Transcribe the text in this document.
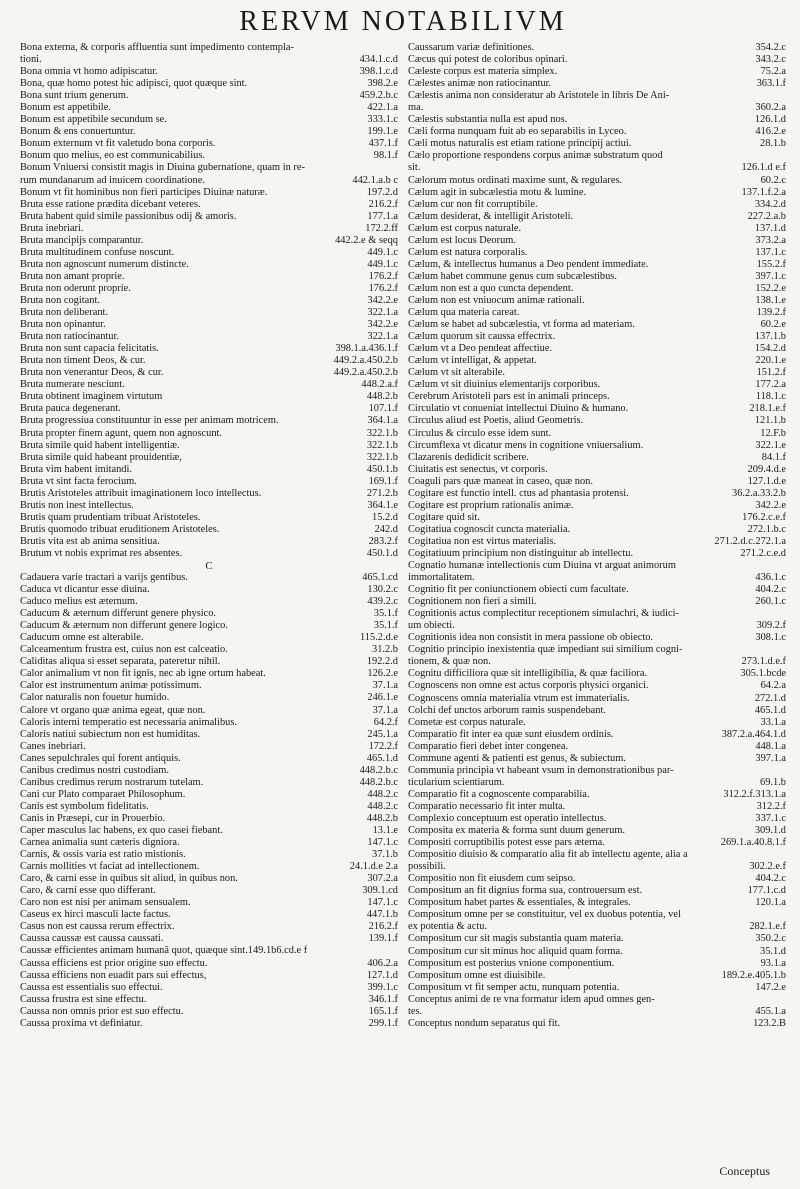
RERVM NOTABILIVM
Bona externa, & corporis affluentia sunt impedimento contempla-
tioni.	434.1.c.d
Bona omnia vt homo adipiscatur.	398.1.c.d
Bona, quæ homo potest hic adipisci, quot quæque sint.	398.2.e
Bona sunt trium generum.	459.2.b.c
Bonum est appetibile.	422.1.a
Bonum est appetibile secundum se.	333.1.c
Bonum & ens conuertuntur.	199.1.e
Bonum externum vt fit valetudo bona corporis.	437.1.f
Bonum quo melius, eo est communicabilius.	98.1.f
Bonum Vniuersi consistit magis in Diuina gubernatione, quam in re-
rum mundanarum ad inuicem coordinatione.	442.1.a.b c
Bonum vt fit hominibus non fieri participes Diuinæ naturæ.	197.2.d
Bruta esse ratione prædita dicebant veteres.	216.2.f
Bruta habent quid simile passionibus odij & amoris.	177.1.a
Bruta inebriari.	172.2.ff
Bruta mancipijs comparantur.	442.2.e & seqq
Bruta multitudinem confuse noscunt.	449.1.c
Bruta non agnoscunt numerum distincte.	449.1.c
Bruta non amant proprie.	176.2.f
Bruta non oderunt proprie.	176.2.f
Bruta non cogitant.	342.2.e
Bruta non deliberant.	322.1.a
Bruta non opinantur.	342.2.e
Bruta non ratiocinantur.	322.1.a
Bruta non sunt capacia felicitatis.	398.1.a.436.1.f
Bruta non timent Deos, & cur.	449.2.a.450.2.b
Bruta non venerantur Deos, & cur.	449.2.a.450.2.b
Bruta numerare nesciunt.	448.2.a.f
Bruta obtinent imaginem virtutum	448.2.b
Bruta pauca degenerant.	107.1.f
Bruta progressiua constituuntur in esse per animam motricem.	364.1.a
Bruta propter finem agunt, quem non agnoscunt.	322.1.b
Bruta simile quid habent intelligentiæ.	322.1.b
Bruta simile quid habeant prouidentiæ,	322.1.b
Bruta vim habent imitandi.	450.1.b
Bruta vt sint facta ferocium.	169.1.f
Brutis Aristoteles attribuit imaginationem loco intellectus.	271.2.b
Brutis non inest intellectus.	364.1.e
Brutis quam prudentiam tribuat Aristoteles.	15.2.d
Brutis quomodo tribuat eruditionem Aristoteles.	242.d
Brutis vita est ab anima sensitiua.	283.2.f
Brutum vt nobis exprimat res absentes.	450.1.d
C
Cadauera varie tractari a varijs gentibus.	465.1.cd
Caduca vt dicantur esse diuina.	130.2.c
Caduco melius est æternum.	439.2.c
Caducum & æternum differunt genere physico.	35.1.f
Caducum & æternum non differunt genere logico.	35.1.f
Caducum omne est alterabile.	115.2.d.e
Calceamentum frustra est, cuius non est calceatio.	31.2.b
Caliditas aliqua si esset separata, pateretur nihil.	192.2.d
Calor animalium vt non fit ignis, nec ab igne ortum habeat.	126.2.e
Calor est instrumentum animæ potissimum.	37.1.a
Calor naturalis non fouetur humido.	246.1.e
Calore vt organo quæ anima egeat, quæ non.	37.1.a
Caloris interni temperatio est necessaria animalibus.	64.2.f
Caloris natiui subiectum non est humiditas.	245.1.a
Canes inebriari.	172.2.f
Canes sepulchrales qui forent antiquis.	465.1.d
Canibus credimus nostri custodiam.	448.2.b.c
Canibus credimus rerum nostrarum tutelam.	448.2.b.c
Cani cur Plato comparaet Philosophum.	448.2.c
Canis est symbolum fidelitatis.	448.2.c
Canis in Præsepi, cur in Prouerbio.	448.2.b
Caper masculus lac habens, ex quo casei fiebant.	13.1.e
Carnea animalia sunt cæteris digniora.	147.1.c
Carnis, & ossis varia est ratio mistionis.	37.1.b
Carnis mollities vt faciat ad intellectionem.	24.1.d.e 2.a
Caro, & carni esse in quibus sit aliud, in quibus non.	307.2.a
Caro, & carni esse quo differant.	309.1.cd
Caro non est nisi per animam sensualem.	147.1.c
Caseus ex hirci masculi lacte factus.	447.1.b
Casus non est caussa rerum effectrix.	216.2.f
Caussa caussæ est caussa caussati.	139.1.f
Caussæ efficientes animam humanã quot, quæque sint.149.1b6.cd.e f
Caussa efficiens est prior origine suo effectu.	406.2.a
Caussa efficiens non euadit pars sui effectus,	127.1.d
Caussa est essentialis suo effectui.	399.1.c
Caussa frustra est sine effectu.	346.1.f
Caussa non omnis prior est suo effectu.	165.1.f
Caussa proxima vt definiatur.	299.1.f
Caussarum variæ definitiones.	354.2.c
Cæcus qui potest de coloribus opinari.	343.2.c
Cæleste corpus est materia simplex.	75.2.a
Cælestes animæ non ratiocinantur.	363.1.f
Cælestis anima non consideratur ab Aristotele in libris De Ani-
ma.	360.2.a
Cælestis substantia nulla est apud nos.	126.1.d
Cæli forma nunquam fuit ab eo separabilis in Lyceo.	416.2.e
Cæli motus naturalis est etiam ratione principij actiui.	28.1.b
Cælo proportione respondens corpus animæ substratum quod
sit.	126.1.d e.f
Cælorum motus ordinati maxime sunt, & regulares.	60.2.c
Cælum agit in subcælestia motu & lumine.	137.1.f.2.a
Cælum cur non fit corruptibile.	334.2.d
Cælum desiderat, & intelligit Aristoteli.	227.2.a.b
Cælum est corpus naturale.	137.1.d
Cælum est locus Deorum.	373.2.a
Cælum est natura corporalis.	137.1.c
Cælum, & intellectus humanus a Deo pendent immediate.	155.2.f
Cælum habet commune genus cum subcælestibus.	397.1.c
Cælum non est a quo cuncta dependent.	152.2.e
Cælum non est vniuocum animæ rationali.	138.1.e
Cælum qua materia careat.	139.2.f
Cælum se habet ad subcælestia, vt forma ad materiam.	60.2.e
Cælum quorum sit caussa effectrix.	137.1.b
Cælum vt a Deo pendeat affectiue.	154.2.d
Cælum vt intelligat, & appetat.	220.1.e
Cælum vt sit alterabile.	151.2.f
Cælum vt sit diuinius elementarijs corporibus.	177.2.a
Cerebrum Aristoteli pars est in animali princeps.	118.1.c
Circulatio vt conueniat intellectui Diuino & humano.	218.1.e.f
Circulus aliud est Poetis, aliud Geometris.	121.1.b
Circulus & circulo esse idem sunt.	12.F.b
Circumflexa vt dicatur mens in cognitione vniuersalium.	322.1.e
Clazarenis dedidicit scribere.	84.1.f
Ciuitatis est senectus, vt corporis.	209.4.d.e
Coaguli pars quæ maneat in caseo, quæ non.	127.1.d.e
Cogitare est functio intell. ctus ad phantasia protensi.	36.2.a.33.2.b
Cogitare est proprium rationalis animæ.	342.2.e
Cogitare quid sit.	176.2.c.e.f
Cogitatiua cognoscit cuncta materialia.	272.1.b.c
Cogitatiua non est virtus materialis.	271.2.d.c.272.1.a
Cogitatiuum principium non distinguitur ab intellectu.	271.2.c.e.d
Cognatio humanæ intellectionis cum Diuina vt arguat animorum
immortalitatem.	436.1.c
Cognitio fit per coniunctionem obiecti cum facultate.	404.2.c
Cognitionem non fieri a simili.	260.1.c
Cognitionis actus complectitur receptionem simulachri, & iudici-
um obiecti.	309.2.f
Cognitionis idea non consistit in mera passione ob obiecto.	308.1.c
Cognitio principio inexistentia quæ impediant sui similium cogni-
tionem, & quæ non.	273.1.d.e.f
Cognitu difficiliora quæ sit intelligibilia, & quæ faciliora.	305.1.bcde
Cognoscens non omne est actus corporis physici organici.	64.2.a
Cognoscens omnia materialia vtrum est immaterialis.	272.1.d
Colchi def unctos arborum ramis suspendebant.	465.1.d
Cometæ est corpus naturale.	33.1.a
Comparatio fit inter ea quæ sunt eiusdem ordinis.	387.2.a.464.1.d
Comparatio fieri debet inter congenea.	448.1.a
Commune agenti & patienti est genus, & subiectum.	397.1.a
Communia principia vt habeant vsum in demonstrationibus par-
ticularium scientiarum.	69.1.b
Comparatio fit a cognoscente comparabilia.	312.2.f.313.1.a
Comparatio necessario fit inter multa.	312.2.f
Complexio conceptuum est operatio intellectus.	337.1.c
Composita ex materia & forma sunt duum generum.	309.1.d
Compositi corruptibilis potest esse pars æterna.	269.1.a.40.8.1.f
Compositio diuisio & comparatio alia fit ab intellectu agente, alia a
possibili.	302.2.e.f
Compositio non fit eiusdem cum seipso.	404.2.c
Compositum an fit dignius forma sua, controuersum est.	177.1.c.d
Compositum habet partes & essentiales, & integrales.	120.1.a
Compositum omne per se constituitur, vel ex duobus potentia, vel
ex potentia & actu.	282.1.e.f
Compositum cur sit magis substantia quam materia.	350.2.c
Compositum cur sit minus hoc aliquid quam forma.	35.1.d
Compositum est posterius vnione componentium.	93.1.a
Compositum omne est diuisibile.	189.2.e.405.1.b
Compositum vt fit semper actu, nunquam potentia.	147.2.e
Conceptus animi de re vna formatur idem apud omnes gen-
tes.	455.1.a
Conceptus nondum separatus qui fit.	123.2.B
Conceptus
